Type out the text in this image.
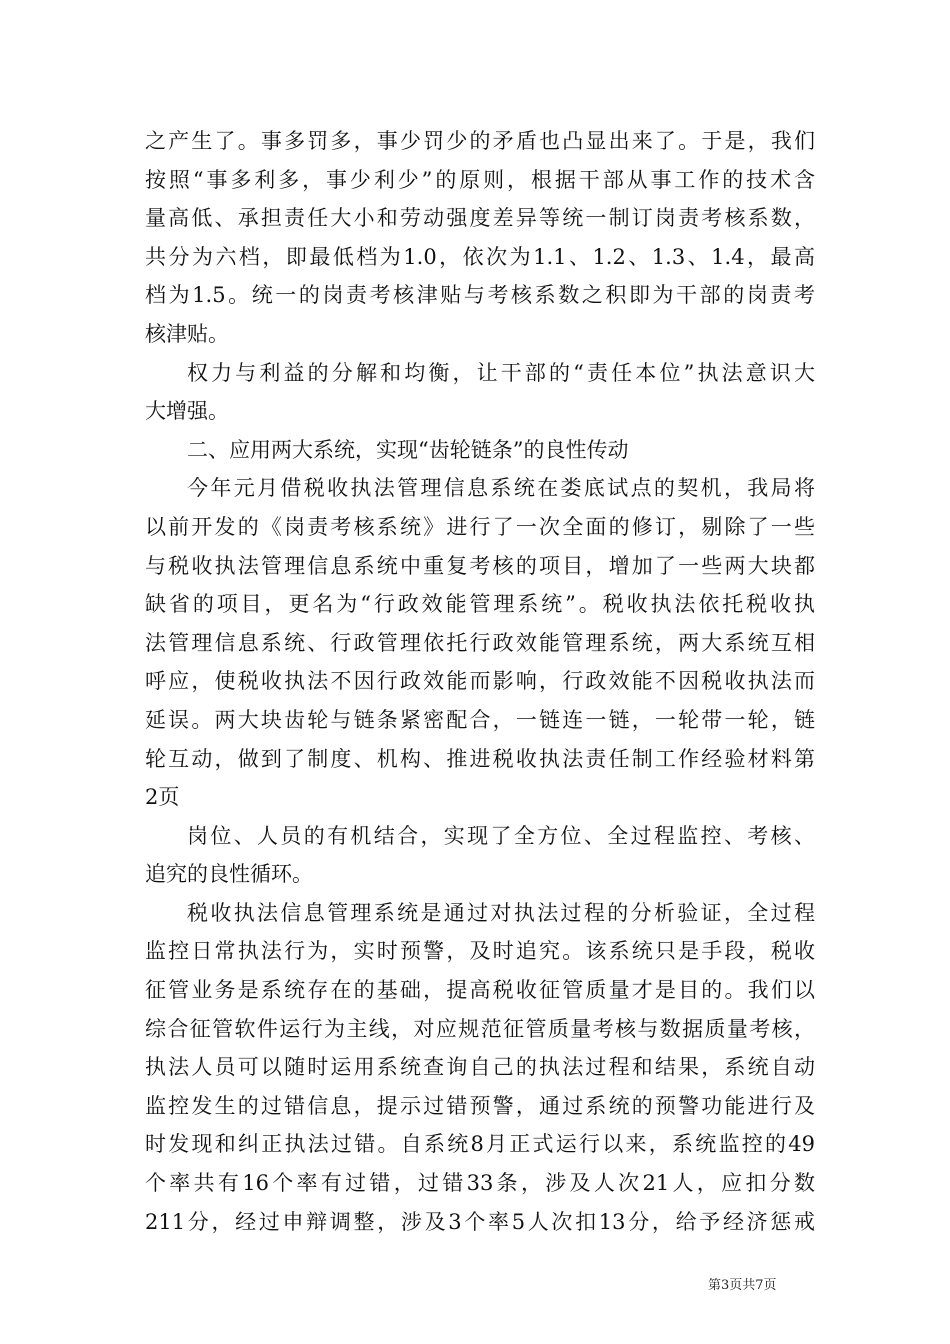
之产生了。事多罚多，事少罚少的矛盾也凸显出来了。于是，我们
按照“事多利多，事少利少”的原则，根据干部从事工作的技术含
量高低、承担责任大小和劳动强度差异等统一制订岗责考核系数，
共分为六档，即最低档为1.0，依次为1.1、1.2、1.3、1.4，最高
档为1.5。统一的岗责考核津贴与考核系数之积即为干部的岗责考
核津贴。
权力与利益的分解和均衡，让干部的“责任本位”执法意识大
大增强。
二、应用两大系统，实现“齿轮链条”的良性传动
今年元月借税收执法管理信息系统在娄底试点的契机，我局将
以前开发的《岗责考核系统》进行了一次全面的修订，剔除了一些
与税收执法管理信息系统中重复考核的项目，增加了一些两大块都
缺省的项目，更名为“行政效能管理系统”。税收执法依托税收执
法管理信息系统、行政管理依托行政效能管理系统，两大系统互相
呼应，使税收执法不因行政效能而影响，行政效能不因税收执法而
延误。两大块齿轮与链条紧密配合，一链连一链，一轮带一轮，链
轮互动，做到了制度、机构、推进税收执法责任制工作经验材料第
2页
岗位、人员的有机结合，实现了全方位、全过程监控、考核、
追究的良性循环。
税收执法信息管理系统是通过对执法过程的分析验证，全过程
监控日常执法行为，实时预警，及时追究。该系统只是手段，税收
征管业务是系统存在的基础，提高税收征管质量才是目的。我们以
综合征管软件运行为主线，对应规范征管质量考核与数据质量考核，
执法人员可以随时运用系统查询自己的执法过程和结果，系统自动
监控发生的过错信息，提示过错预警，通过系统的预警功能进行及
时发现和纠正执法过错。自系统8月正式运行以来，系统监控的49
个率共有16个率有过错，过错33条，涉及人次21人，应扣分数
211分，经过申辩调整，涉及3个率5人次扣13分，给予经济惩戒
第3页共7页
